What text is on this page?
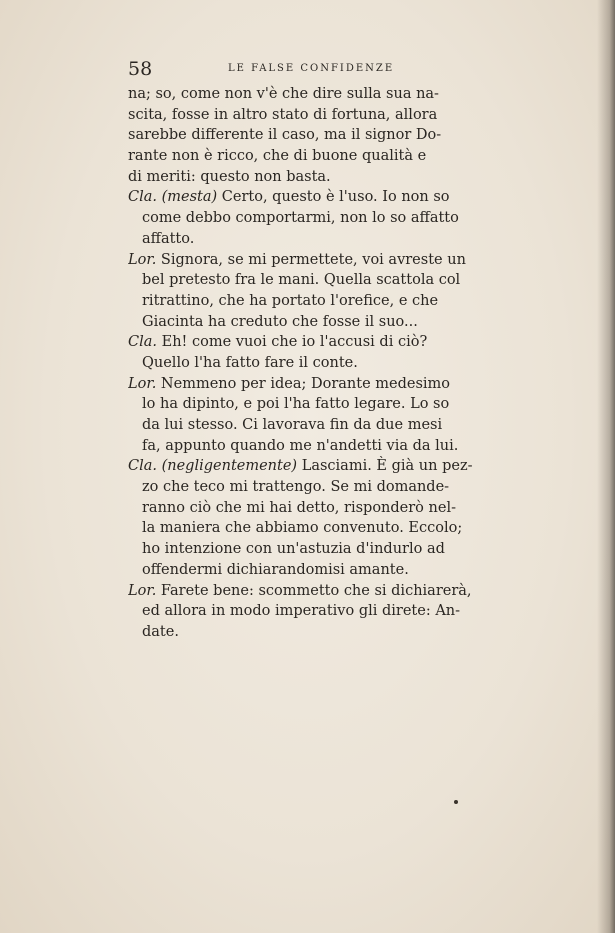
58	LE FALSE CONFIDENZE
na; so, come non v'è che dire sulla sua na-
scita, fosse in altro stato di fortuna, allora
sarebbe differente il caso, ma il signor Do-
rante non è ricco, che di buone qualità e
di meriti: questo non basta.
Cla. (mesta) Certo, questo è l'uso. Io non so
come debbo comportarmi, non lo so affatto
affatto.
Lor. Signora, se mi permettete, voi avreste un
bel pretesto fra le mani. Quella scattola col
ritrattino, che ha portato l'orefice, e che
Giacinta ha creduto che fosse il suo...
Cla. Eh! come vuoi che io l'accusi di ciò?
Quello l'ha fatto fare il conte.
Lor. Nemmeno per idea; Dorante medesimo
lo ha dipinto, e poi l'ha fatto legare. Lo so
da lui stesso. Ci lavorava fin da due mesi
fa, appunto quando me n'andetti via da lui.
Cla. (negligentemente) Lasciami. È già un pez-
zo che teco mi trattengo. Se mi domande-
ranno ciò che mi hai detto, risponderò nel-
la maniera che abbiamo convenuto. Eccolo;
ho intenzione con un'astuzia d'indurlo ad
offendermi dichiarandomisi amante.
Lor. Farete bene: scommetto che si dichiarerà,
ed allora in modo imperativo gli direte: An-
date.
